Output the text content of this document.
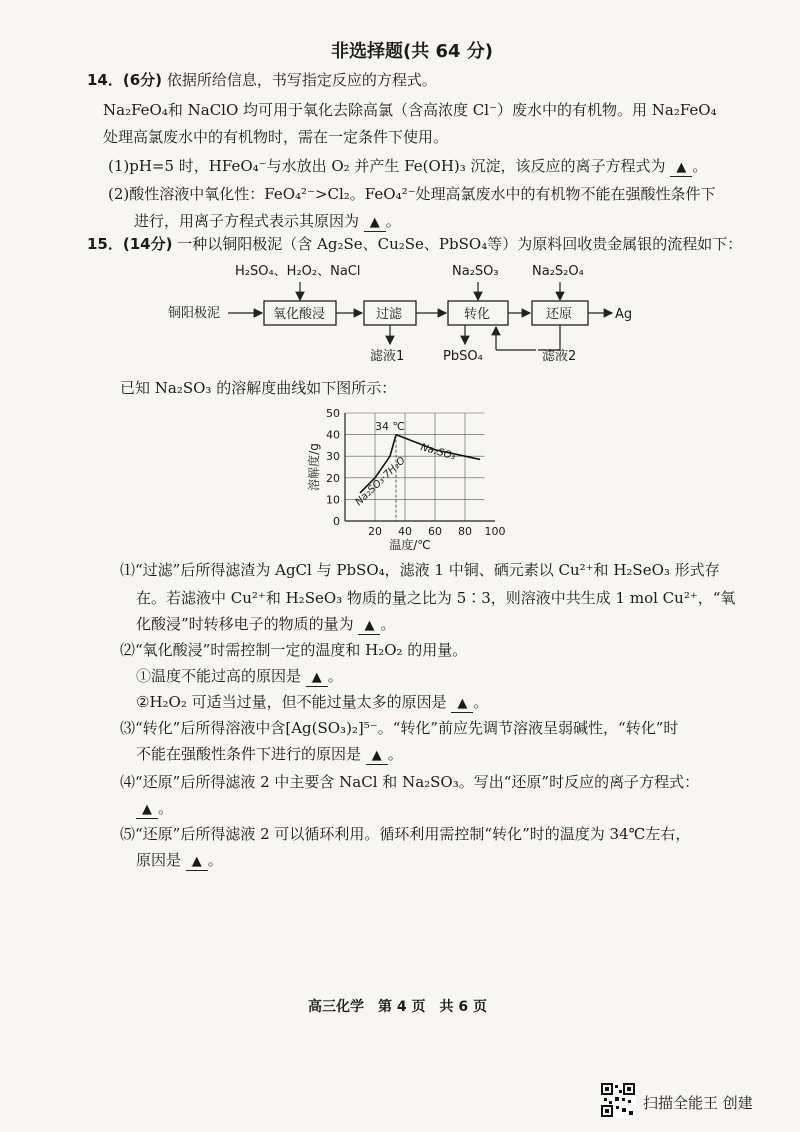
非选择题(共 64 分)
14．(6分) 依据所给信息，书写指定反应的方程式。
Na₂FeO₄和 NaClO 均可用于氧化去除高氯（含高浓度 Cl⁻）废水中的有机物。用 Na₂FeO₄
处理高氯废水中的有机物时，需在一定条件下使用。
(1)pH=5 时，HFeO₄⁻与水放出 O₂ 并产生 Fe(OH)₃ 沉淀，该反应的离子方程式为 ▲ 。
(2)酸性溶液中氧化性：FeO₄²⁻>Cl₂。FeO₄²⁻处理高氯废水中的有机物不能在强酸性条件下
进行，用离子方程式表示其原因为 ▲ 。
15．(14分) 一种以铜阳极泥（含 Ag₂Se、Cu₂Se、PbSO₄等）为原料回收贵金属银的流程如下：
H₂SO₄、H₂O₂、NaCl	Na₂SO₃	Na₂S₂O₄
铜阳极泥	氧化酸浸	过滤	转化	还原	Ag
滤液1	PbSO₄	滤液2
已知 Na₂SO₃ 的溶解度曲线如下图所示：
0
10
20
30
40
50
20 40 60 80 100
温度/℃
溶解度/g	Na₂SO₃·7H₂O
Na₂SO₃
34 ℃
⑴“过滤”后所得滤渣为 AgCl 与 PbSO₄，滤液 1 中铜、硒元素以 Cu²⁺和 H₂SeO₃ 形式存
在。若滤液中 Cu²⁺和 H₂SeO₃ 物质的量之比为 5∶3，则溶液中共生成 1 mol Cu²⁺，“氧
化酸浸”时转移电子的物质的量为 ▲ 。
⑵“氧化酸浸”时需控制一定的温度和 H₂O₂ 的用量。
①温度不能过高的原因是 ▲ 。
②H₂O₂ 可适当过量，但不能过量太多的原因是 ▲ 。
⑶“转化”后所得溶液中含[Ag(SO₃)₂]⁵⁻。“转化”前应先调节溶液呈弱碱性，“转化”时
不能在强酸性条件下进行的原因是 ▲ 。
⑷“还原”后所得滤液 2 中主要含 NaCl 和 Na₂SO₃。写出“还原”时反应的离子方程式：
▲ 。
⑸“还原”后所得滤液 2 可以循环利用。循环利用需控制“转化”时的温度为 34℃左右，
原因是 ▲ 。
高三化学　第 4 页　共 6 页
扫描全能王 创建
